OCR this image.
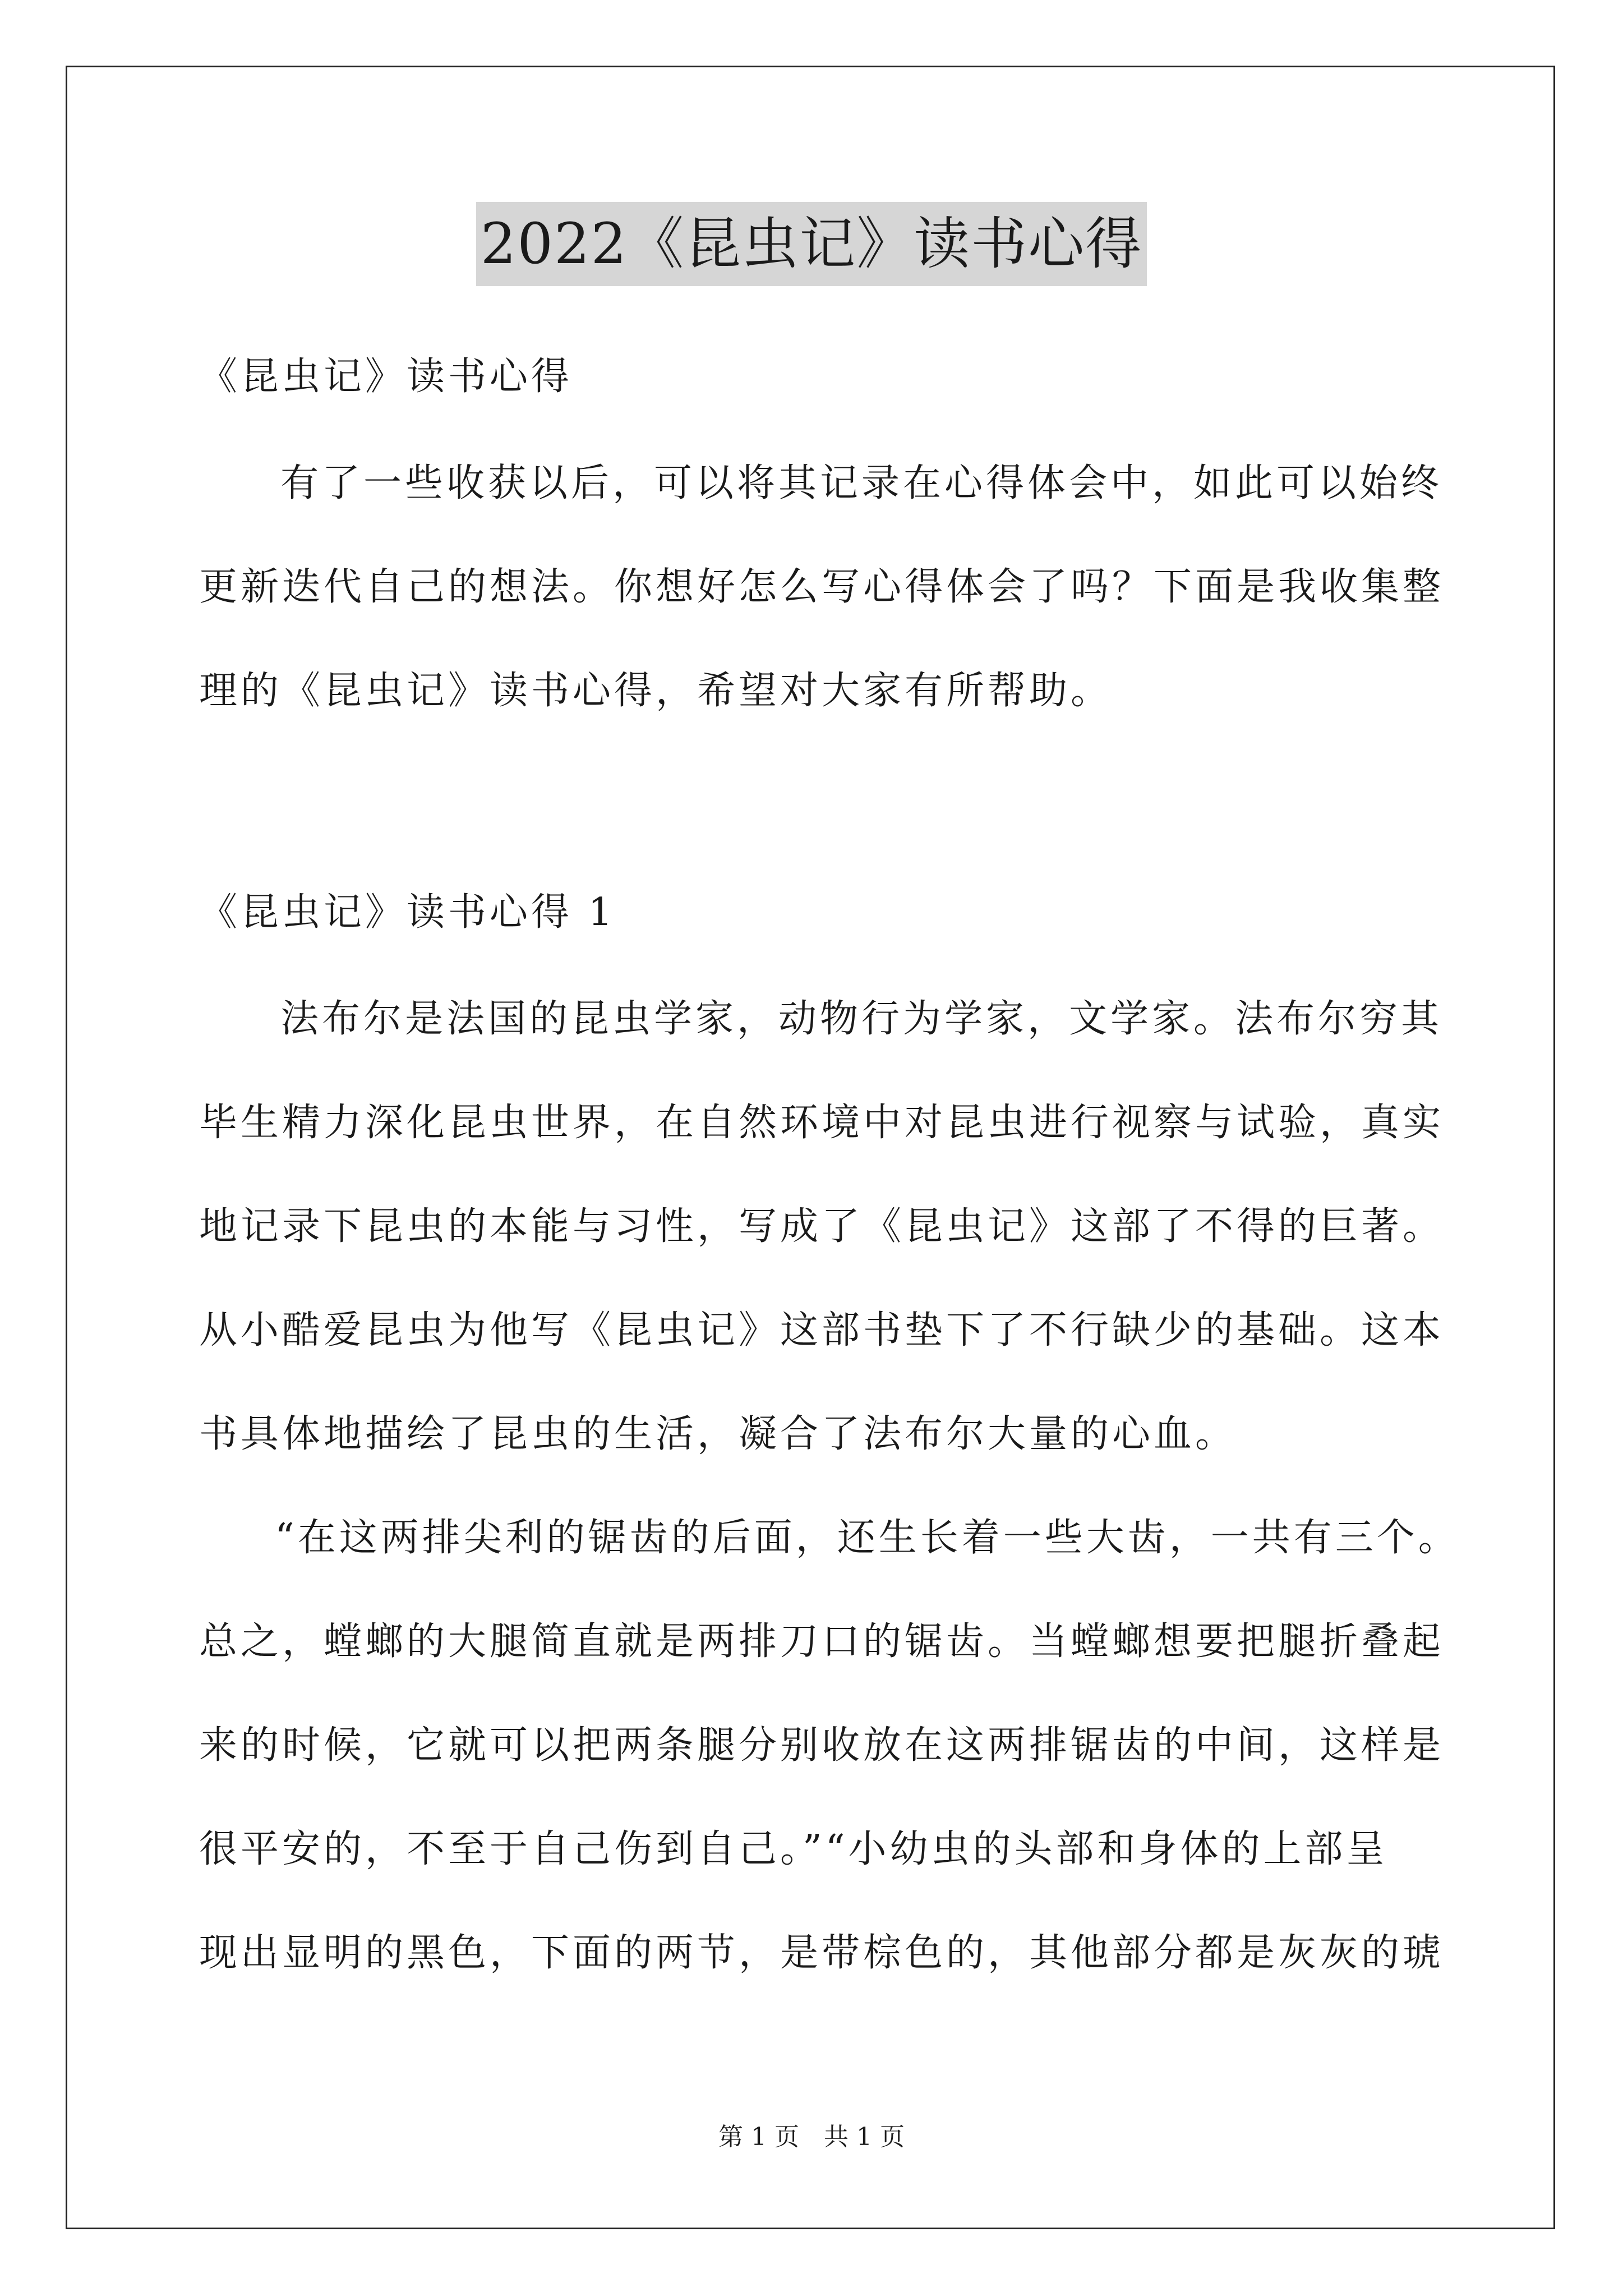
2022《昆虫记》读书心得
《昆虫记》读书心得
有了一些收获以后，可以将其记录在心得体会中，如此可以始终
更新迭代自己的想法。你想好怎么写心得体会了吗？下面是我收集整
理的《昆虫记》读书心得，希望对大家有所帮助。
《昆虫记》读书心得 1
法布尔是法国的昆虫学家，动物行为学家，文学家。法布尔穷其
毕生精力深化昆虫世界，在自然环境中对昆虫进行视察与试验，真实
地记录下昆虫的本能与习性，写成了《昆虫记》这部了不得的巨著。
从小酷爱昆虫为他写《昆虫记》这部书垫下了不行缺少的基础。这本
书具体地描绘了昆虫的生活，凝合了法布尔大量的心血。
“在这两排尖利的锯齿的后面，还生长着一些大齿，一共有三个。
总之，螳螂的大腿简直就是两排刀口的锯齿。当螳螂想要把腿折叠起
来的时候，它就可以把两条腿分别收放在这两排锯齿的中间，这样是
很平安的，不至于自己伤到自己。”“小幼虫的头部和身体的上部呈
现出显明的黑色，下面的两节，是带棕色的，其他部分都是灰灰的琥
第 1 页　共 1 页
